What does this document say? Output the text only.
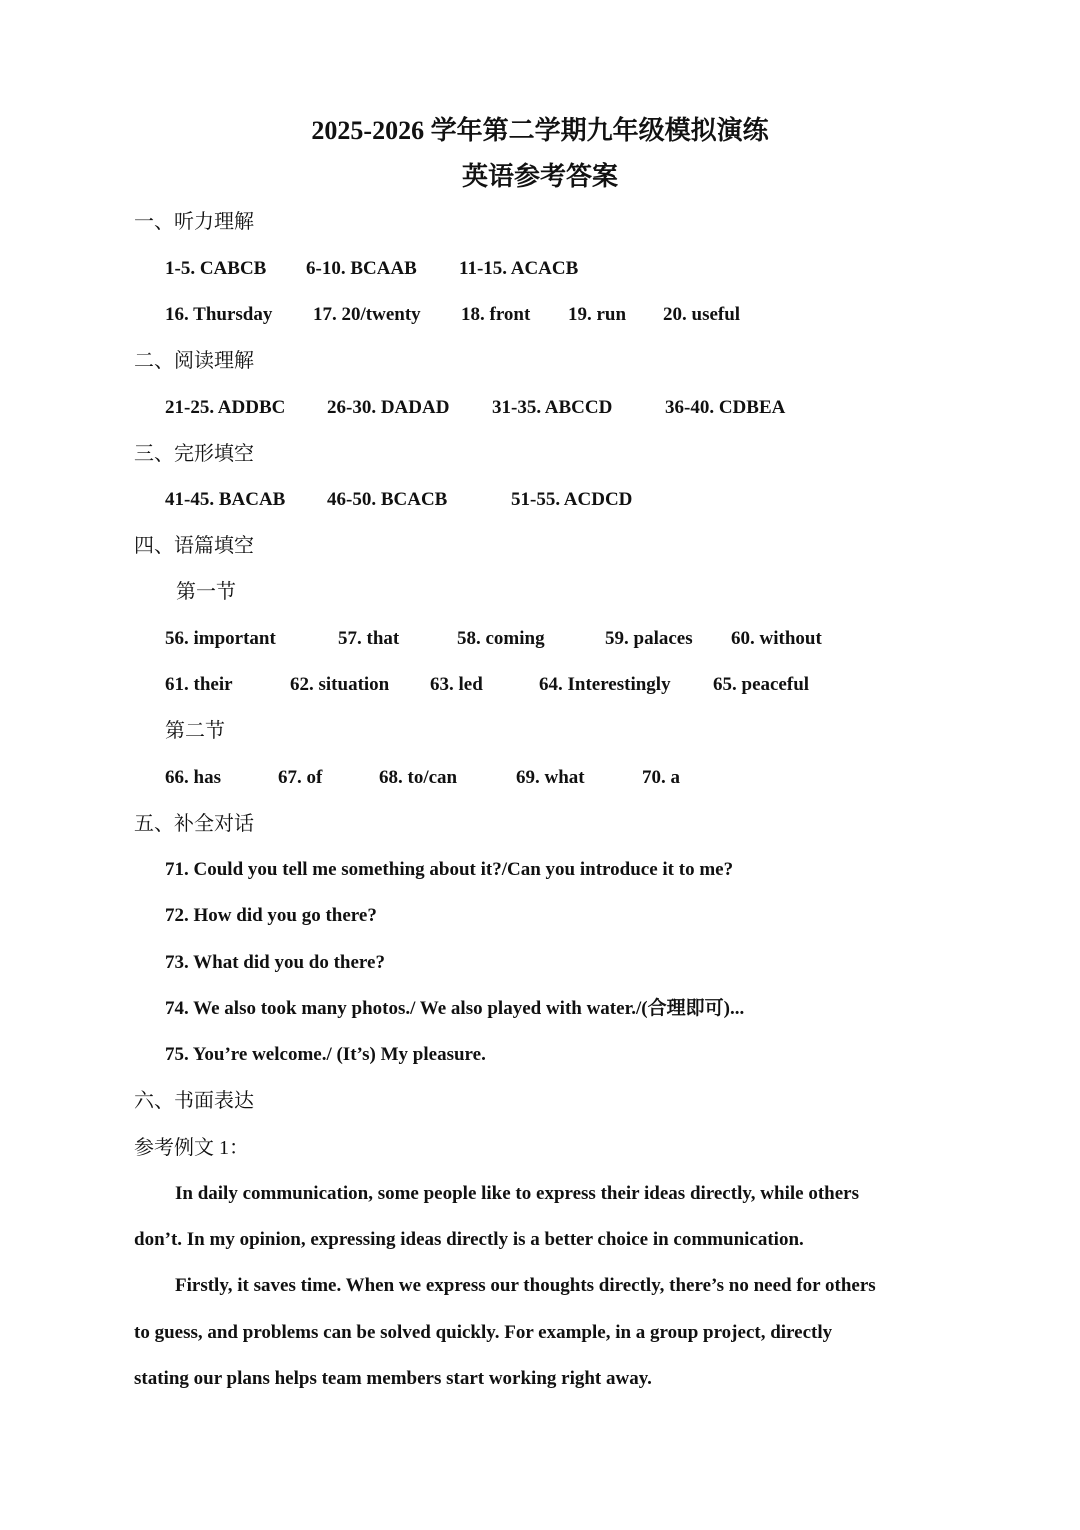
2025-2026 学年第二学期九年级模拟演练
英语参考答案
一、听力理解
1-5. CABCB 6-10. BCAAB 11-15. ACACB
16. Thursday 17. 20/twenty 18. front 19. run 20. useful
二、阅读理解
21-25. ADDBC 26-30. DADAD 31-35. ABCCD	36-40. CDBEA
三、完形填空
41-45. BACAB 46-50. BCACB	51-55. ACDCD
四、语篇填空
第一节
56. important	57. that	58. coming	59. palaces 60. without
61. their	62. situation 63. led	64. Interestingly 65. peaceful
第二节
66. has	67. of	68. to/can	69. what	70. a
五、补全对话
71. Could you tell me something about it?/Can you introduce it to me?
72. How did you go there?
73. What did you do there?
74. We also took many photos./ We also played with water./(合理即可)...
75. You’re welcome./ (It’s) My pleasure.
六、书面表达
参考例文 1：
In daily communication, some people like to express their ideas directly, while others
don’t. In my opinion, expressing ideas directly is a better choice in communication.
Firstly, it saves time. When we express our thoughts directly, there’s no need for others
to guess, and problems can be solved quickly. For example, in a group project, directly
stating our plans helps team members start working right away.
